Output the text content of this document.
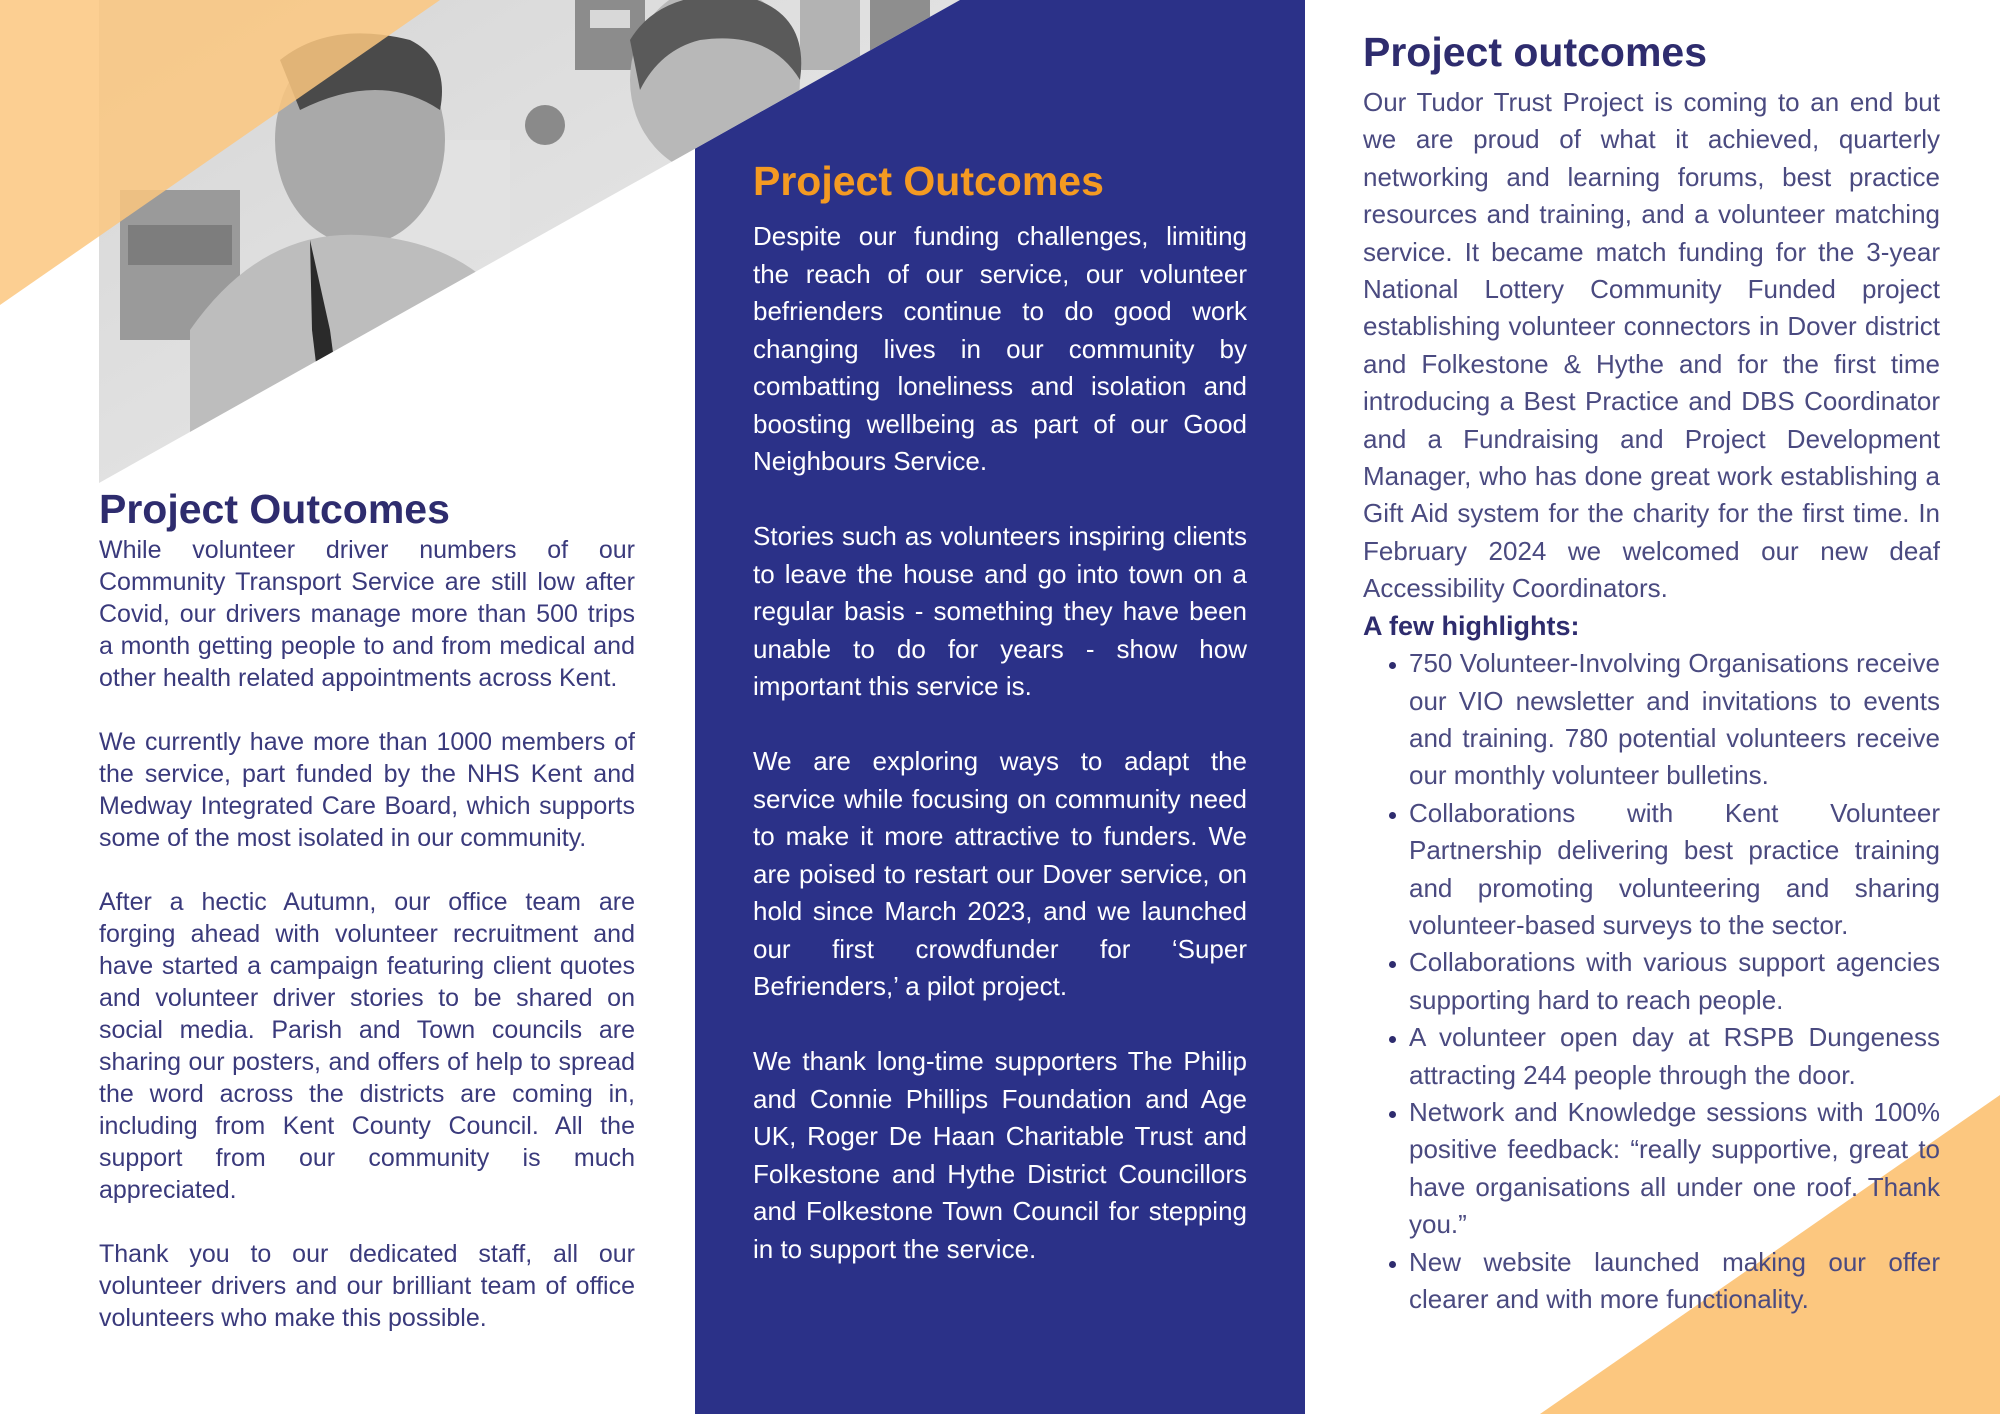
Project Outcomes

While volunteer driver numbers of our Community Transport Service are still low after Covid, our drivers manage more than 500 trips a month getting people to and from medical and other health related appointments across Kent.

We currently have more than 1000 members of the service, part funded by the NHS Kent and Medway Integrated Care Board, which supports some of the most isolated in our community.

After a hectic Autumn, our office team are forging ahead with volunteer recruitment and have started a campaign featuring client quotes and volunteer driver stories to be shared on social media. Parish and Town councils are sharing our posters, and offers of help to spread the word across the districts are coming in, including from Kent County Council. All the support from our community is much appreciated.

Thank you to our dedicated staff, all our volunteer drivers and our brilliant team of office volunteers who make this possible.

Project Outcomes

Despite our funding challenges, limiting the reach of our service, our volunteer befrienders continue to do good work changing lives in our community by combatting loneliness and isolation and boosting wellbeing as part of our Good Neighbours Service.

Stories such as volunteers inspiring clients to leave the house and go into town on a regular basis - something they have been unable to do for years - show how important this service is.

We are exploring ways to adapt the service while focusing on community need to make it more attractive to funders. We are poised to restart our Dover service, on hold since March 2023, and we launched our first crowdfunder for ‘Super Befrienders,’ a pilot project.

We thank long-time supporters The Philip and Connie Phillips Foundation and Age UK, Roger De Haan Charitable Trust and Folkestone and Hythe District Councillors and Folkestone Town Council for stepping in to support the service.

Project outcomes

Our Tudor Trust Project is coming to an end but we are proud of what it achieved, quarterly networking and learning forums, best practice resources and training, and a volunteer matching service. It became match funding for the 3-year National Lottery Community Funded project establishing volunteer connectors in Dover district and Folkestone & Hythe and for the first time introducing a Best Practice and DBS Coordinator and a Fundraising and Project Development Manager, who has done great work establishing a Gift Aid system for the charity for the first time. In February 2024 we welcomed our new deaf Accessibility Coordinators.

A few highlights:
• 750 Volunteer-Involving Organisations receive our VIO newsletter and invitations to events and training. 780 potential volunteers receive our monthly volunteer bulletins.
• Collaborations with Kent Volunteer Partnership delivering best practice training and promoting volunteering and sharing volunteer-based surveys to the sector.
• Collaborations with various support agencies supporting hard to reach people.
• A volunteer open day at RSPB Dungeness attracting 244 people through the door.
• Network and Knowledge sessions with 100% positive feedback: “really supportive, great to have organisations all under one roof. Thank you.”
• New website launched making our offer clearer and with more functionality.
